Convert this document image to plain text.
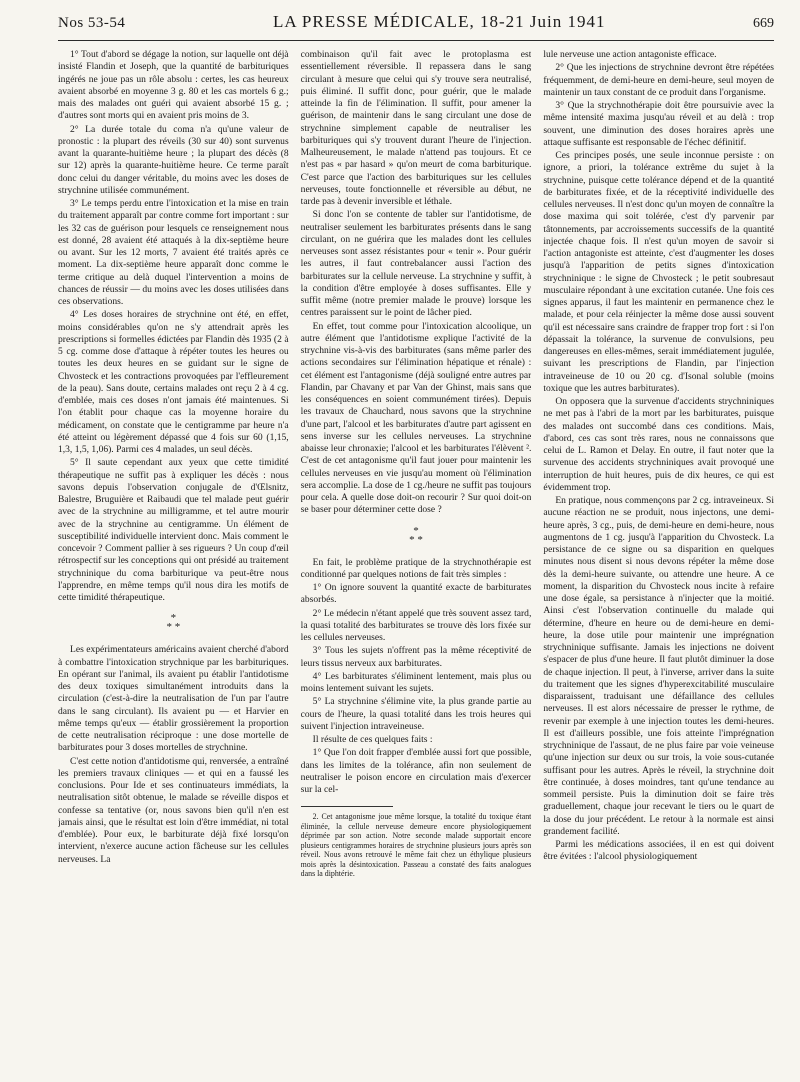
Nos 53-54	LA PRESSE MÉDICALE, 18-21 Juin 1941	669

1° Tout d'abord se dégage la notion, sur laquelle ont déjà insisté Flandin et Joseph, que la quantité de barbituriques ingérés ne joue pas un rôle absolu : certes, les cas heureux avaient absorbé en moyenne 3 g. 80 et les cas mortels 6 g.; mais des malades ont guéri qui avaient absorbé 15 g. ; d'autres sont morts qui en avaient pris moins de 3.

2° La durée totale du coma n'a qu'une valeur de pronostic : la plupart des réveils (30 sur 40) sont survenus avant la quarante-huitième heure ; la plupart des décès (8 sur 12) après la quarante-huitième heure. Ce terme paraît donc celui du danger véritable, du moins avec les doses de strychnine utilisée communément.

3° Le temps perdu entre l'intoxication et la mise en train du traitement apparaît par contre comme fort important : sur les 32 cas de guérison pour lesquels ce renseignement nous est donné, 28 avaient été attaqués à la dix-septième heure ou avant. Sur les 12 morts, 7 avaient été traités après ce moment. La dix-septième heure apparaît donc comme le terme critique au delà duquel l'intervention a moins de chances de réussir — du moins avec les doses utilisées dans ces observations.

4° Les doses horaires de strychnine ont été, en effet, moins considérables qu'on ne s'y attendrait après les prescriptions si formelles édictées par Flandin dès 1935 (2 à 5 cg. comme dose d'attaque à répéter toutes les heures ou toutes les deux heures en se guidant sur le signe de Chvosteck et les contractions provoquées par l'effleurement de la peau). Sans doute, certains malades ont reçu 2 à 4 cg. d'emblée, mais ces doses n'ont jamais été maintenues. Si l'on établit pour chaque cas la moyenne horaire du médicament, on constate que le centigramme par heure n'a été atteint ou légèrement dépassé que 4 fois sur 60 (1,15, 1,3, 1,5, 1,06). Parmi ces 4 malades, un seul décès.

5° Il saute cependant aux yeux que cette timidité thérapeutique ne suffit pas à expliquer les décès : nous savons depuis l'observation conjugale de d'Œlsnitz, Balestre, Bruguière et Raibaudi que tel malade peut guérir avec de la strychnine au milligramme, et tel autre mourir avec de la strychnine au centigramme. Un élément de susceptibilité individuelle intervient donc. Mais comment le concevoir ? Comment pallier à ses rigueurs ? Un coup d'œil rétrospectif sur les conceptions qui ont présidé au traitement strychninique du coma barbiturique va peut-être nous l'apprendre, en même temps qu'il nous dira les motifs de cette timidité thérapeutique.

*
* *

Les expérimentateurs américains avaient cherché d'abord à combattre l'intoxication strychnique par les barbituriques. En opérant sur l'animal, ils avaient pu établir l'antidotisme des deux toxiques simultanément introduits dans la circulation (c'est-à-dire la neutralisation de l'un par l'autre dans le sang circulant). Ils avaient pu — et Harvier en même temps qu'eux — établir grossièrement la proportion de cette neutralisation réciproque : une dose mortelle de barbiturates pour 3 doses mortelles de strychnine.

C'est cette notion d'antidotisme qui, renversée, a entraîné les premiers travaux cliniques — et qui en a faussé les conclusions. Pour Ide et ses continuateurs immédiats, la neutralisation sitôt obtenue, le malade se réveille dispos et confesse sa tentative (or, nous savons bien qu'il n'en est jamais ainsi, que le résultat est loin d'être immédiat, ni total d'emblée). Pour eux, le barbiturate déjà fixé lorsqu'on intervient, n'exerce aucune action fâcheuse sur les cellules nerveuses. La

combinaison qu'il fait avec le protoplasma est essentiellement réversible. Il repassera dans le sang circulant à mesure que celui qui s'y trouve sera neutralisé, puis éliminé. Il suffit donc, pour guérir, que le malade atteinde la fin de l'élimination. Il suffit, pour amener la guérison, de maintenir dans le sang circulant une dose de strychnine simplement capable de neutraliser les barbituriques qui s'y trouvent durant l'heure de l'injection. Malheureusement, le malade n'attend pas toujours. Et ce n'est pas « par hasard » qu'on meurt de coma barbiturique. C'est parce que l'action des barbituriques sur les cellules nerveuses, toute fonctionnelle et réversible au début, ne tarde pas à devenir inversible et léthale.

Si donc l'on se contente de tabler sur l'antidotisme, de neutraliser seulement les barbiturates présents dans le sang circulant, on ne guérira que les malades dont les cellules nerveuses sont assez résistantes pour « tenir ». Pour guérir les autres, il faut contrebalancer aussi l'action des barbiturates sur la cellule nerveuse. La strychnine y suffit, à la condition d'être employée à doses suffisantes. Elle y suffit même (notre premier malade le prouve) lorsque les centres paraissent sur le point de lâcher pied.

En effet, tout comme pour l'intoxication alcoolique, un autre élément que l'antidotisme explique l'activité de la strychnine vis-à-vis des barbiturates (sans même parler des actions secondaires sur l'élimination hépatique et rénale) : cet élément est l'antagonisme (déjà souligné entre autres par Flandin, par Chavany et par Van der Ghinst, mais sans que les conséquences en soient communément tirées). Depuis les travaux de Chauchard, nous savons que la strychnine d'une part, l'alcool et les barbiturates d'autre part agissent en sens inverse sur les cellules nerveuses. La strychnine abaisse leur chronaxie; l'alcool et les barbiturates l'élèvent ². C'est de cet antagonisme qu'il faut jouer pour maintenir les cellules nerveuses en vie jusqu'au moment où l'élimination sera accomplie. La dose de 1 cg./heure ne suffit pas toujours pour cela. A quelle dose doit-on recourir ? Sur quoi doit-on se baser pour déterminer cette dose ?

*
* *

En fait, le problème pratique de la strychnothérapie est conditionné par quelques notions de fait très simples :

1° On ignore souvent la quantité exacte de barbiturates absorbés.

2° Le médecin n'étant appelé que très souvent assez tard, la quasi totalité des barbiturates se trouve dès lors fixée sur les cellules nerveuses.

3° Tous les sujets n'offrent pas la même réceptivité de leurs tissus nerveux aux barbiturates.

4° Les barbiturates s'éliminent lentement, mais plus ou moins lentement suivant les sujets.

5° La strychnine s'élimine vite, la plus grande partie au cours de l'heure, la quasi totalité dans les trois heures qui suivent l'injection intraveineuse.

Il résulte de ces quelques faits :

1° Que l'on doit frapper d'emblée aussi fort que possible, dans les limites de la tolérance, afin non seulement de neutraliser le poison encore en circulation mais d'exercer sur la cel-

2. Cet antagonisme joue même lorsque, la totalité du toxique étant éliminée, la cellule nerveuse demeure encore physiologiquement déprimée par son action. Notre seconde malade supportait encore plusieurs centigrammes horaires de strychnine plusieurs jours après son réveil. Nous avons retrouvé le même fait chez un éthylique plusieurs mois après la désintoxication. Passeau a constaté des faits analogues dans la diphtérie.

lule nerveuse une action antagoniste efficace.

2° Que les injections de strychnine devront être répétées fréquemment, de demi-heure en demi-heure, seul moyen de maintenir un taux constant de ce produit dans l'organisme.

3° Que la strychnothérapie doit être poursuivie avec la même intensité maxima jusqu'au réveil et au delà : trop souvent, une diminution des doses horaires après une attaque suffisante est responsable de l'échec définitif.

Ces principes posés, une seule inconnue persiste : on ignore, a priori, la tolérance extrême du sujet à la strychnine, puisque cette tolérance dépend et de la quantité de barbiturates fixée, et de la réceptivité individuelle des cellules nerveuses. Il n'est donc qu'un moyen de connaître la dose maxima qui soit tolérée, c'est d'y parvenir par tâtonnements, par accroissements successifs de la quantité injectée chaque fois. Il n'est qu'un moyen de savoir si l'action antagoniste est atteinte, c'est d'augmenter les doses jusqu'à l'apparition de petits signes d'intoxication strychninique : le signe de Chvosteck ; le petit soubresaut musculaire répondant à une excitation cutanée. Une fois ces signes apparus, il faut les maintenir en permanence chez le malade, et pour cela réinjecter la même dose aussi souvent qu'il est nécessaire sans craindre de frapper trop fort : si l'on dépassait la tolérance, la survenue de convulsions, peu dangereuses en elles-mêmes, serait immédiatement jugulée, suivant les prescriptions de Flandin, par l'injection intraveineuse de 10 ou 20 cg. d'Isonal soluble (moins toxique que les autres barbiturates).

On opposera que la survenue d'accidents strychniniques ne met pas à l'abri de la mort par les barbiturates, puisque des malades ont succombé dans ces conditions. Mais, d'abord, ces cas sont très rares, nous ne connaissons que celui de L. Ramon et Delay. En outre, il faut noter que la survenue des accidents strychniniques avait provoqué une interruption de huit heures, puis de dix heures, ce qui est évidemment trop.

En pratique, nous commençons par 2 cg. intraveineux. Si aucune réaction ne se produit, nous injectons, une demi-heure après, 3 cg., puis, de demi-heure en demi-heure, nous augmentons de 1 cg. jusqu'à l'apparition du Chvosteck. La persistance de ce signe ou sa disparition en quelques minutes nous disent si nous devons répéter la même dose dès la demi-heure suivante, ou attendre une heure. A ce moment, la disparition du Chvosteck nous incite à refaire une dose égale, sa persistance à n'injecter que la moitié. Ainsi c'est l'observation continuelle du malade qui détermine, d'heure en heure ou de demi-heure en demi-heure, la dose utile pour maintenir une imprégnation strychninique suffisante. Jamais les injections ne doivent s'espacer de plus d'une heure. Il faut plutôt diminuer la dose de chaque injection. Il peut, à l'inverse, arriver dans la suite du traitement que les signes d'hyperexcitabilité musculaire disparaissent, traduisant une défaillance des cellules nerveuses. Il est alors nécessaire de presser le rythme, de revenir par exemple à une injection toutes les demi-heures. Il est d'ailleurs possible, une fois atteinte l'imprégnation strychninique de l'assaut, de ne plus faire par voie veineuse qu'une injection sur deux ou sur trois, la voie sous-cutanée suffisant pour les autres. Après le réveil, la strychnine doit être continuée, à doses moindres, tant qu'une tendance au sommeil persiste. Puis la diminution doit se faire très graduellement, chaque jour recevant le tiers ou le quart de la dose du jour précédent. Le retour à la normale est ainsi grandement facilité.

Parmi les médications associées, il en est qui doivent être évitées : l'alcool physiologiquement
